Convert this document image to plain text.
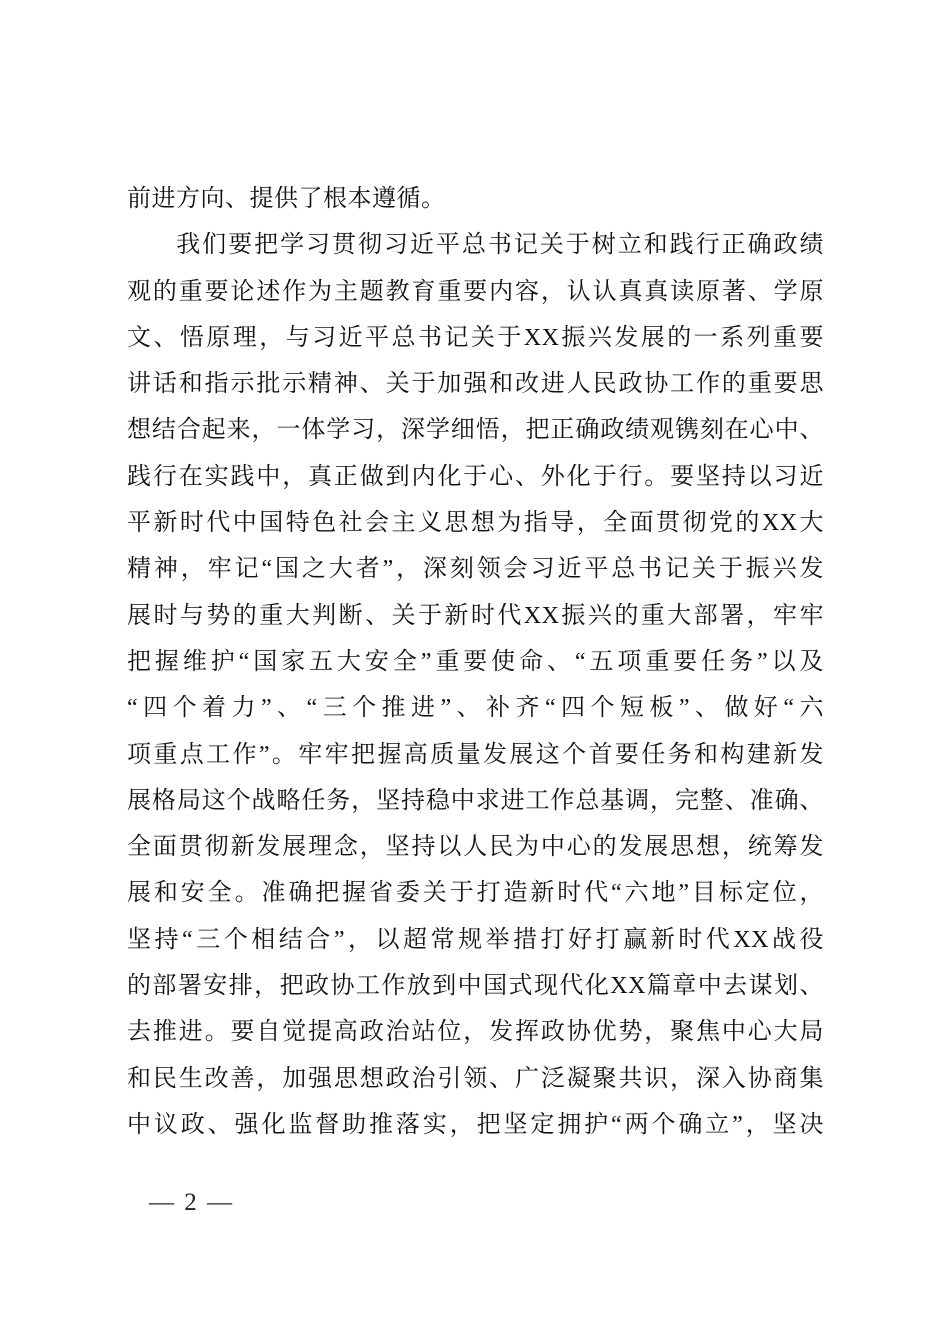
前进方向、提供了根本遵循。
我们要把学习贯彻习近平总书记关于树立和践行正确政绩
观的重要论述作为主题教育重要内容，认认真真读原著、学原
文、悟原理，与习近平总书记关于XX振兴发展的一系列重要
讲话和指示批示精神、关于加强和改进人民政协工作的重要思
想结合起来，一体学习，深学细悟，把正确政绩观镌刻在心中、
践行在实践中，真正做到内化于心、外化于行。要坚持以习近
平新时代中国特色社会主义思想为指导，全面贯彻党的XX大
精神，牢记“国之大者”，深刻领会习近平总书记关于振兴发
展时与势的重大判断、关于新时代XX振兴的重大部署，牢牢
把握维护“国家五大安全”重要使命、“五项重要任务”以及
“四个着力”、“三个推进”、补齐“四个短板”、做好“六
项重点工作”。牢牢把握高质量发展这个首要任务和构建新发
展格局这个战略任务，坚持稳中求进工作总基调，完整、准确、
全面贯彻新发展理念，坚持以人民为中心的发展思想，统筹发
展和安全。准确把握省委关于打造新时代“六地”目标定位，
坚持“三个相结合”，以超常规举措打好打赢新时代XX战役
的部署安排，把政协工作放到中国式现代化XX篇章中去谋划、
去推进。要自觉提高政治站位，发挥政协优势，聚焦中心大局
和民生改善，加强思想政治引领、广泛凝聚共识，深入协商集
中议政、强化监督助推落实，把坚定拥护“两个确立”，坚决
— 2 —
